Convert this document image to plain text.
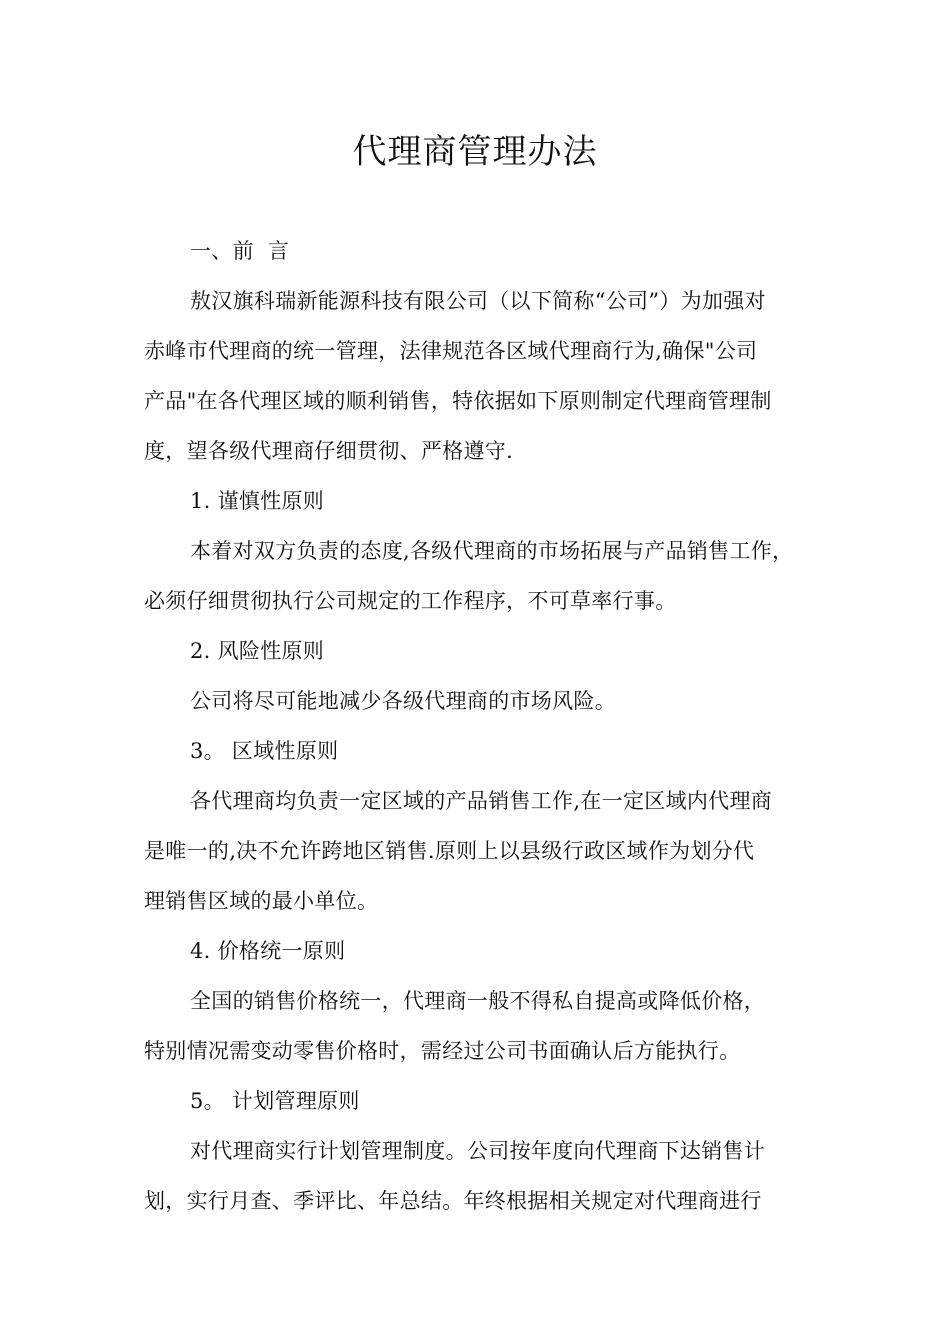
代理商管理办法
一、前  言
敖汉旗科瑞新能源科技有限公司（以下简称“公司”）为加强对
赤峰市代理商的统一管理，法律规范各区域代理商行为,确保"公司
产品"在各代理区域的顺利销售，特依据如下原则制定代理商管理制
度，望各级代理商仔细贯彻、严格遵守.
1. 谨慎性原则
本着对双方负责的态度,各级代理商的市场拓展与产品销售工作，
必须仔细贯彻执行公司规定的工作程序，不可草率行事。
2. 风险性原则
公司将尽可能地减少各级代理商的市场风险。
3。 区域性原则
各代理商均负责一定区域的产品销售工作,在一定区域内代理商
是唯一的,决不允许跨地区销售.原则上以县级行政区域作为划分代
理销售区域的最小单位。
4. 价格统一原则
全国的销售价格统一，代理商一般不得私自提高或降低价格，
特别情况需变动零售价格时，需经过公司书面确认后方能执行。
5。 计划管理原则
对代理商实行计划管理制度。公司按年度向代理商下达销售计
划，实行月查、季评比、年总结。年终根据相关规定对代理商进行
